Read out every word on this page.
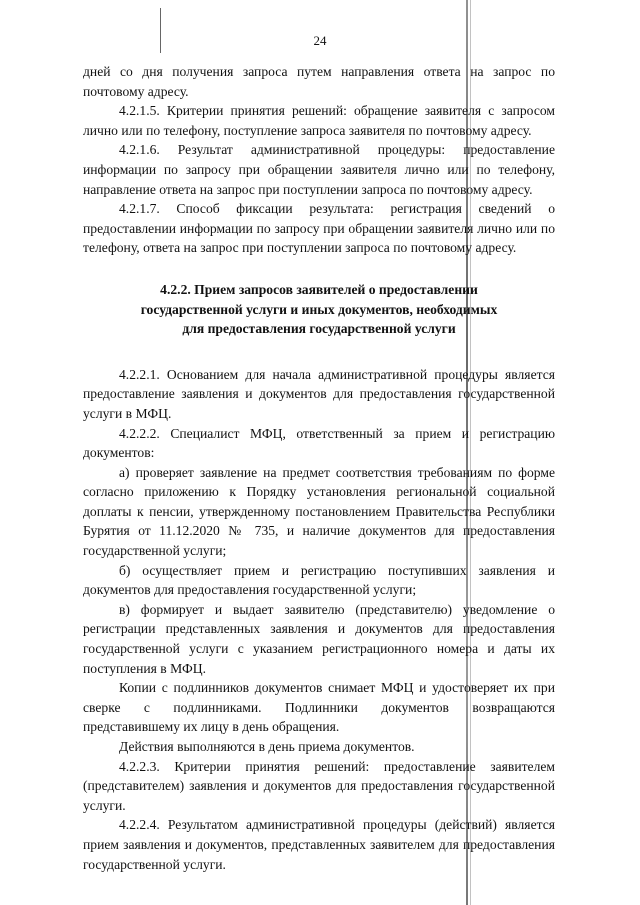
24

дней со дня получения запроса путем направления ответа на запрос по почтовому адресу.

4.2.1.5. Критерии принятия решений: обращение заявителя с запросом лично или по телефону, поступление запроса заявителя по почтовому адресу.

4.2.1.6. Результат административной процедуры: предоставление информации по запросу при обращении заявителя лично или по телефону, направление ответа на запрос при поступлении запроса по почтовому адресу.

4.2.1.7. Способ фиксации результата: регистрация сведений о предоставлении информации по запросу при обращении заявителя лично или по телефону, ответа на запрос при поступлении запроса по почтовому адресу.

4.2.2. Прием запросов заявителей о предоставлении
государственной услуги и иных документов, необходимых
для предоставления государственной услуги

4.2.2.1. Основанием для начала административной процедуры является предоставление заявления и документов для предоставления государственной услуги в МФЦ.

4.2.2.2. Специалист МФЦ, ответственный за прием и регистрацию документов:

а) проверяет заявление на предмет соответствия требованиям по форме согласно приложению к Порядку установления региональной социальной доплаты к пенсии, утвержденному постановлением Правительства Республики Бурятия от 11.12.2020 № 735, и наличие документов для предоставления государственной услуги;

б) осуществляет прием и регистрацию поступивших заявления и документов для предоставления государственной услуги;

в) формирует и выдает заявителю (представителю) уведомление о регистрации представленных заявления и документов для предоставления государственной услуги с указанием регистрационного номера и даты их поступления в МФЦ.

Копии с подлинников документов снимает МФЦ и удостоверяет их при сверке с подлинниками. Подлинники документов возвращаются представившему их лицу в день обращения.

Действия выполняются в день приема документов.

4.2.2.3. Критерии принятия решений: предоставление заявителем (представителем) заявления и документов для предоставления государственной услуги.

4.2.2.4. Результатом административной процедуры (действий) является прием заявления и документов, представленных заявителем для предоставления государственной услуги.
